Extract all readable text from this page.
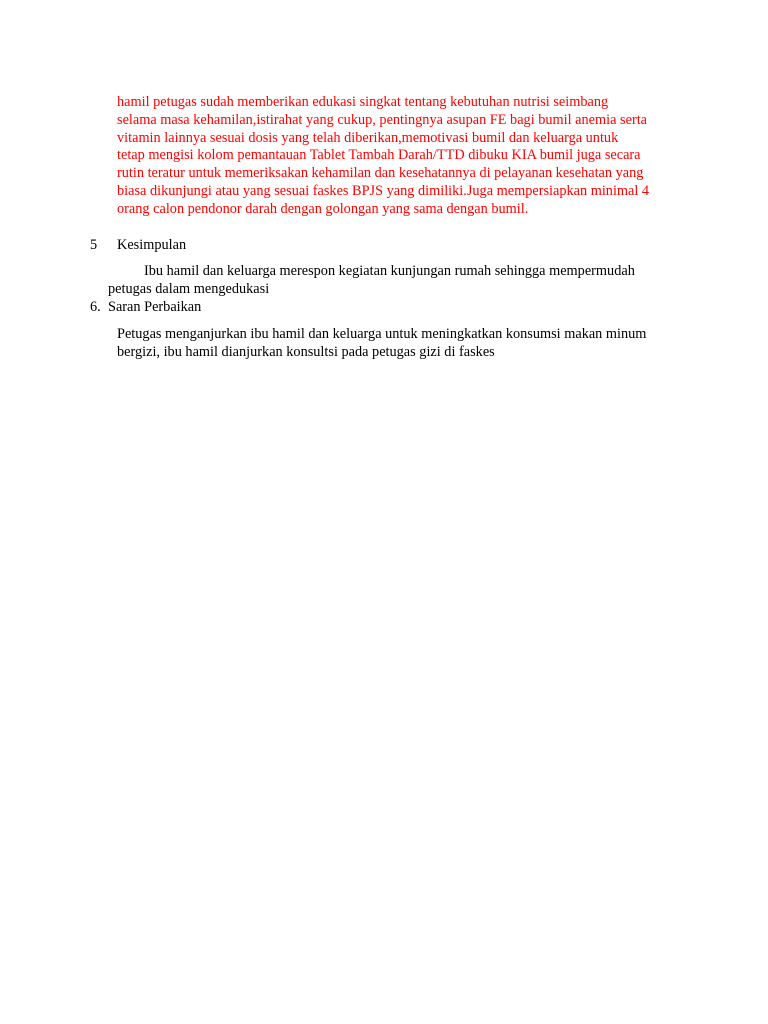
hamil petugas sudah memberikan edukasi singkat tentang kebutuhan nutrisi seimbang
selama masa kehamilan,istirahat yang cukup, pentingnya asupan FE bagi bumil anemia serta
vitamin lainnya sesuai dosis yang telah diberikan,memotivasi bumil dan keluarga untuk
tetap mengisi kolom pemantauan Tablet Tambah Darah/TTD dibuku KIA bumil juga secara
rutin teratur untuk memeriksakan kehamilan dan kesehatannya di pelayanan kesehatan yang
biasa dikunjungi atau yang sesuai faskes BPJS yang dimiliki.Juga mempersiapkan minimal 4
orang calon pendonor darah dengan golongan yang sama dengan bumil.
5 Kesimpulan
Ibu hamil dan keluarga merespon kegiatan kunjungan rumah sehingga mempermudah
petugas dalam mengedukasi
6. Saran Perbaikan
Petugas menganjurkan ibu hamil dan keluarga untuk meningkatkan konsumsi makan minum
bergizi, ibu hamil dianjurkan konsultsi pada petugas gizi di faskes
